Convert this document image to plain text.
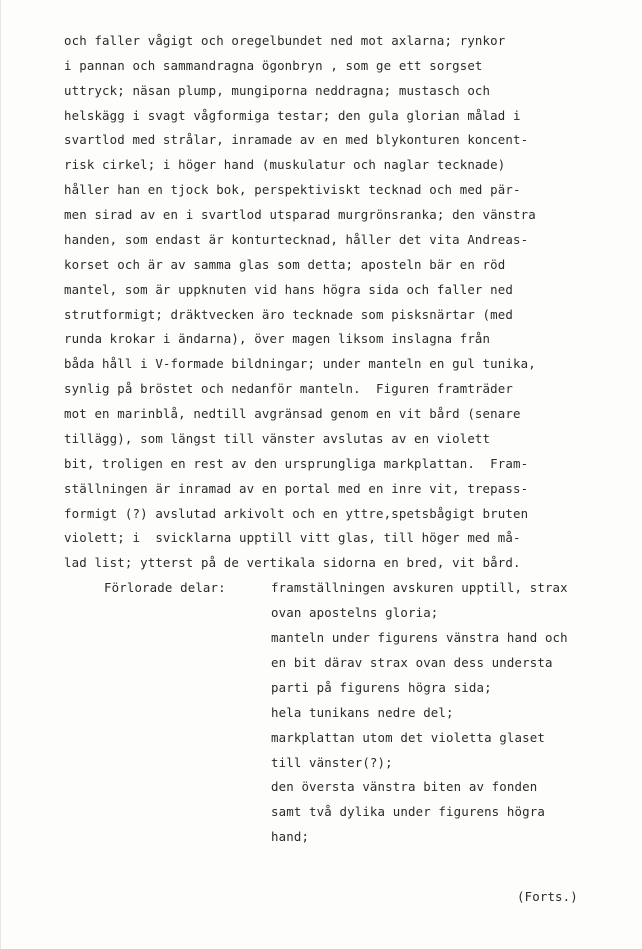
och faller vågigt och oregelbundet ned mot axlarna; rynkor
i pannan och sammandragna ögonbryn , som ge ett sorgset
uttryck; näsan plump, mungiporna neddragna; mustasch och
helskägg i svagt vågformiga testar; den gula glorian målad i
svartlod med strålar, inramade av en med blykonturen koncent-
risk cirkel; i höger hand (muskulatur och naglar tecknade)
håller han en tjock bok, perspektiviskt tecknad och med pär-
men sirad av en i svartlod utsparad murgrönsranka; den vänstra
handen, som endast är konturtecknad, håller det vita Andreas-
korset och är av samma glas som detta; aposteln bär en röd
mantel, som är uppknuten vid hans högra sida och faller ned
strutformigt; dräktvecken äro tecknade som pisksnärtar (med
runda krokar i ändarna), över magen liksom inslagna från
båda håll i V-formade bildningar; under manteln en gul tunika,
synlig på bröstet och nedanför manteln.  Figuren framträder
mot en marinblå, nedtill avgränsad genom en vit bård (senare
tillägg), som längst till vänster avslutas av en violett
bit, troligen en rest av den ursprungliga markplattan.  Fram-
ställningen är inramad av en portal med en inre vit, trepass-
formigt (?) avslutad arkivolt och en yttre,spetsbågigt bruten
violett; i  svicklarna upptill vitt glas, till höger med må-
lad list; ytterst på de vertikala sidorna en bred, vit bård.
Förlorade delar:	framställningen avskuren upptill, strax
ovan apostelns gloria;
manteln under figurens vänstra hand och
en bit därav strax ovan dess understa
parti på figurens högra sida;
hela tunikans nedre del;
markplattan utom det violetta glaset
till vänster(?);
den översta vänstra biten av fonden
samt två dylika under figurens högra
hand;
(Forts.)
